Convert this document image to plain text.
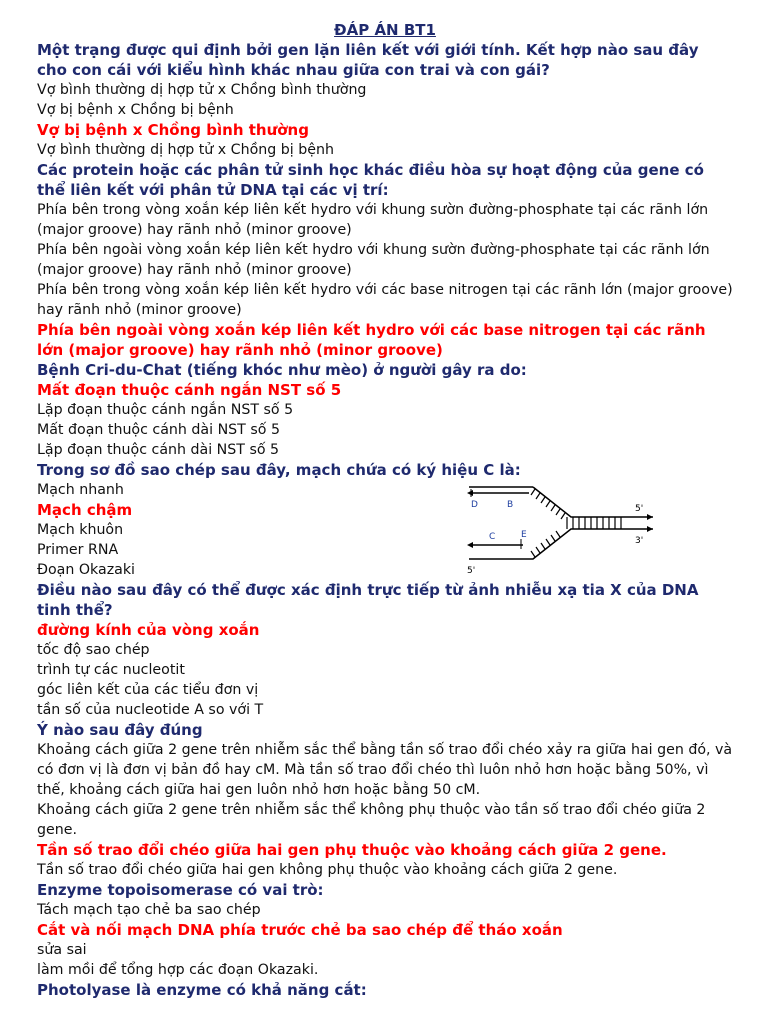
ĐÁP ÁN BT1
Một trạng được qui định bởi gen lặn liên kết với giới tính. Kết hợp nào sau đây cho con cái với kiểu hình khác nhau giữa con trai và con gái?
Vợ bình thường dị hợp tử x Chồng bình thường
Vợ bị bệnh x Chồng bị bệnh
Vợ bị bệnh x Chồng bình thường
Vợ bình thường dị hợp tử x Chồng bị bệnh
Các protein hoặc các phân tử sinh học khác điều hòa sự hoạt động của gene có thể liên kết với phân tử DNA tại các vị trí:
Phía bên trong vòng xoắn kép liên kết hydro với khung sườn đường-phosphate tại các rãnh lớn (major groove) hay rãnh nhỏ (minor groove)
Phía bên ngoài vòng xoắn kép liên kết hydro với khung sườn đường-phosphate tại các rãnh lớn (major groove) hay rãnh nhỏ (minor groove)
Phía bên trong vòng xoắn kép liên kết hydro với các base nitrogen tại các rãnh lớn (major groove) hay rãnh nhỏ (minor groove)
Phía bên ngoài vòng xoắn kép liên kết hydro với các base nitrogen tại các rãnh lớn (major groove) hay rãnh nhỏ (minor groove)
Bệnh Cri-du-Chat (tiếng khóc như mèo) ở người gây ra do:
Mất đoạn thuộc cánh ngắn NST số 5
Lặp đoạn thuộc cánh ngắn NST số 5
Mất đoạn thuộc cánh dài NST số 5
Lặp đoạn thuộc cánh dài NST số 5
Trong sơ đồ sao chép sau đây, mạch chứa có ký hiệu C là:
Mạch nhanh
Mạch chậm
Mạch khuôn
Primer RNA
Đoạn Okazaki
Điều nào sau đây có thể được xác định trực tiếp từ ảnh nhiễu xạ tia X của DNA tinh thể?
đường kính của vòng xoắn
tốc độ sao chép
trình tự các nucleotit
góc liên kết của các tiểu đơn vị
tần số của nucleotide A so với T
Ý nào sau đây đúng
Khoảng cách giữa 2 gene trên nhiễm sắc thể bằng tần số trao đổi chéo xảy ra giữa hai gen đó, và có đơn vị là đơn vị bản đồ hay cM. Mà tần số trao đổi chéo thì luôn nhỏ hơn hoặc bằng 50%, vì thế, khoảng cách giữa hai gen luôn nhỏ hơn hoặc bằng 50 cM.
Khoảng cách giữa 2 gene trên nhiễm sắc thể không phụ thuộc vào tần số trao đổi chéo giữa 2 gene.
Tần số trao đổi chéo giữa hai gen phụ thuộc vào khoảng cách giữa 2 gene.
Tần số trao đổi chéo giữa hai gen không phụ thuộc vào khoảng cách giữa 2 gene.
Enzyme topoisomerase có vai trò:
Tách mạch tạo chẻ ba sao chép
Cắt và nối mạch DNA phía trước chẻ ba sao chép để tháo xoắn
sửa sai
làm mồi để tổng hợp các đoạn Okazaki.
Photolyase là enzyme có khả năng cắt:
D	B
C	E
5'
3'
5'
